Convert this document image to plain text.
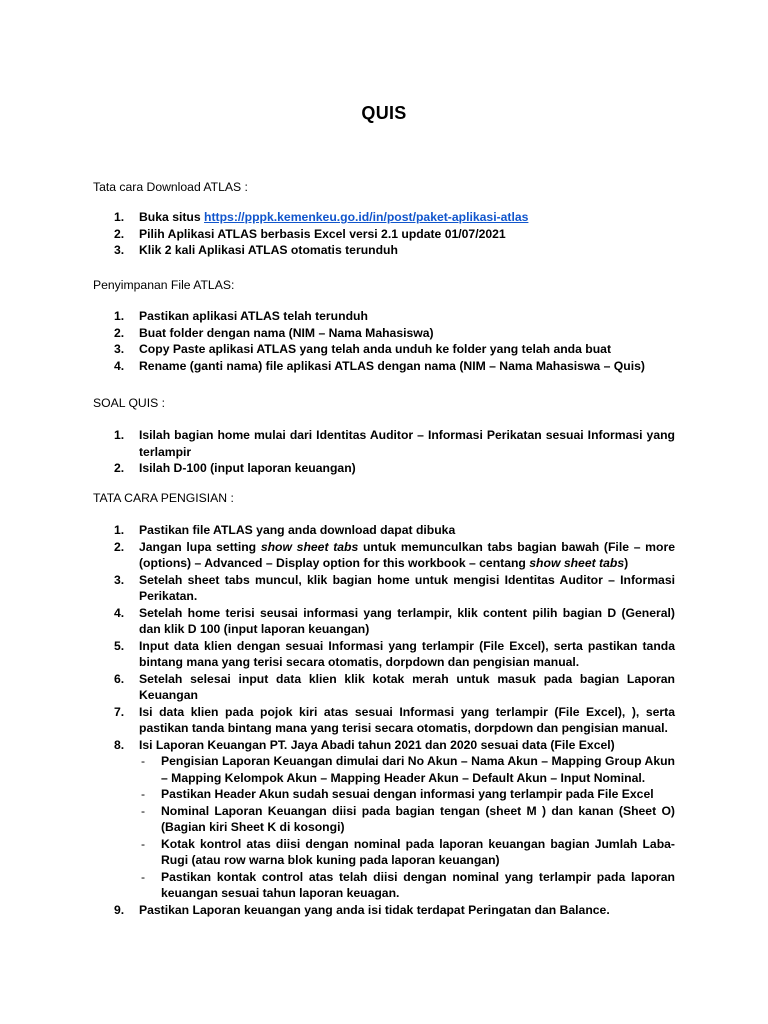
QUIS
Tata cara Download ATLAS :
1. Buka situs https://pppk.kemenkeu.go.id/in/post/paket-aplikasi-atlas
2. Pilih Aplikasi ATLAS berbasis Excel versi 2.1 update 01/07/2021
3. Klik 2 kali Aplikasi ATLAS otomatis terunduh
Penyimpanan File ATLAS:
1. Pastikan aplikasi ATLAS telah terunduh
2. Buat folder dengan nama (NIM – Nama Mahasiswa)
3. Copy Paste aplikasi ATLAS yang telah anda unduh ke folder yang telah anda buat
4. Rename (ganti nama) file aplikasi ATLAS dengan nama (NIM – Nama Mahasiswa – Quis)
SOAL QUIS :
1. Isilah bagian home mulai dari Identitas Auditor – Informasi Perikatan sesuai Informasi yang terlampir
2. Isilah D-100 (input laporan keuangan)
TATA CARA PENGISIAN :
1. Pastikan file ATLAS yang anda download dapat dibuka
2. Jangan lupa setting show sheet tabs untuk memunculkan tabs bagian bawah (File – more (options) – Advanced – Display option for this workbook – centang show sheet tabs)
3. Setelah sheet tabs muncul, klik bagian home untuk mengisi Identitas Auditor – Informasi Perikatan.
4. Setelah home terisi seusai informasi yang terlampir, klik content pilih bagian D (General) dan klik D 100 (input laporan keuangan)
5. Input data klien dengan sesuai Informasi yang terlampir (File Excel), serta pastikan tanda bintang mana yang terisi secara otomatis, dorpdown dan pengisian manual.
6. Setelah selesai input data klien klik kotak merah untuk masuk pada bagian Laporan Keuangan
7. Isi data klien pada pojok kiri atas sesuai Informasi yang terlampir (File Excel), ), serta pastikan tanda bintang mana yang terisi secara otomatis, dorpdown dan pengisian manual.
8. Isi Laporan Keuangan PT. Jaya Abadi tahun 2021 dan 2020 sesuai data (File Excel)
- Pengisian Laporan Keuangan dimulai dari No Akun – Nama Akun – Mapping Group Akun – Mapping Kelompok Akun – Mapping Header Akun – Default Akun – Input Nominal.
- Pastikan Header Akun sudah sesuai dengan informasi yang terlampir pada File Excel
- Nominal Laporan Keuangan diisi pada bagian tengan (sheet M ) dan kanan (Sheet O) (Bagian kiri Sheet K di kosongi)
- Kotak kontrol atas diisi dengan nominal pada laporan keuangan bagian Jumlah Laba-Rugi (atau row warna blok kuning pada laporan keuangan)
- Pastikan kontak control atas telah diisi dengan nominal yang terlampir pada laporan keuangan sesuai tahun laporan keuagan.
9. Pastikan Laporan keuangan yang anda isi tidak terdapat Peringatan dan Balance.
